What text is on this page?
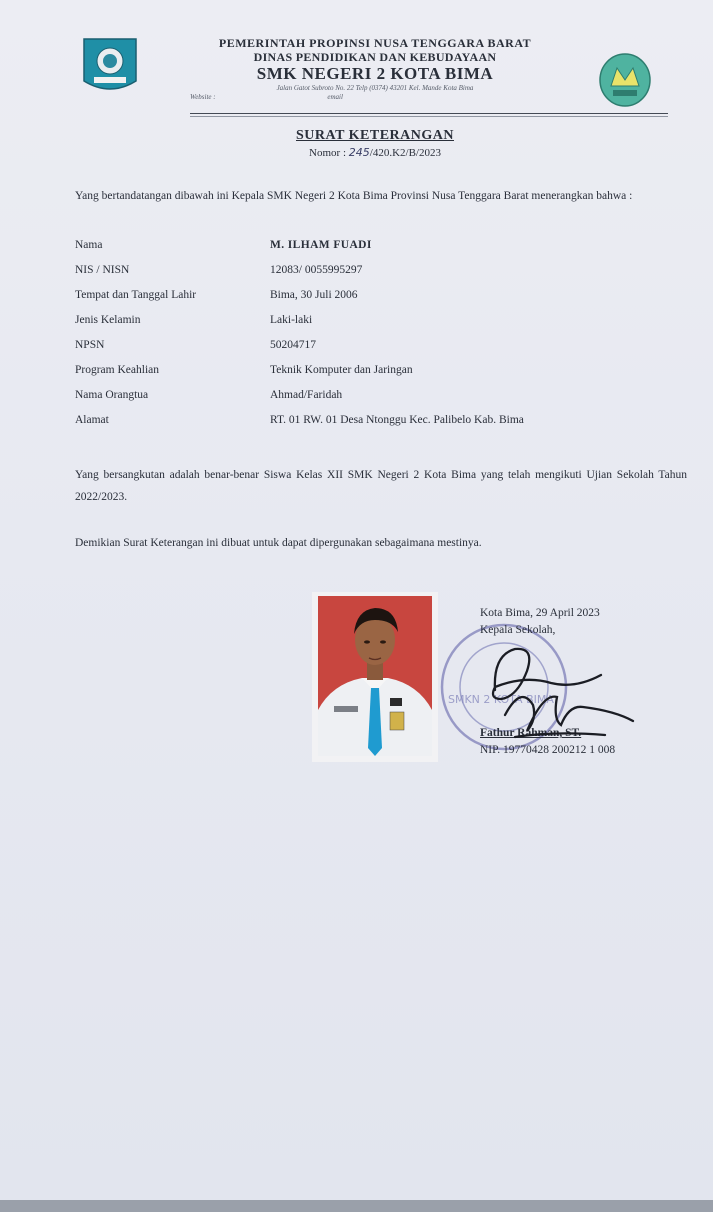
PEMERINTAH PROPINSI NUSA TENGGARA BARAT
DINAS PENDIDIKAN DAN KEBUDAYAAN
SMK NEGERI 2 KOTA BIMA
Jalan Gatot Subroto No. 22 Telp (0374) 43201 Kel. Mande Kota Bima
Website :	email
SURAT KETERANGAN
Nomor : 245/420.K2/B/2023
Yang bertandatangan dibawah ini Kepala SMK Negeri 2 Kota Bima Provinsi Nusa Tenggara Barat menerangkan bahwa :
Nama	M. ILHAM FUADI
NIS / NISN	12083/ 0055995297
Tempat dan Tanggal Lahir	Bima, 30 Juli 2006
Jenis Kelamin	Laki-laki
NPSN	50204717
Program Keahlian	Teknik Komputer dan Jaringan
Nama Orangtua	Ahmad/Faridah
Alamat	RT. 01 RW. 01 Desa Ntonggu Kec. Palibelo Kab. Bima
Yang bersangkutan adalah benar-benar Siswa Kelas XII SMK Negeri 2 Kota Bima yang telah mengikuti Ujian Sekolah Tahun 2022/2023.
Demikian Surat Keterangan ini dibuat untuk dapat dipergunakan sebagaimana mestinya.
SMKN 2 KOTA BIMA
Kota Bima, 29 April 2023
Kepala Sekolah,
Fathur Rahman, ST.
NIP. 19770428 200212 1 008
